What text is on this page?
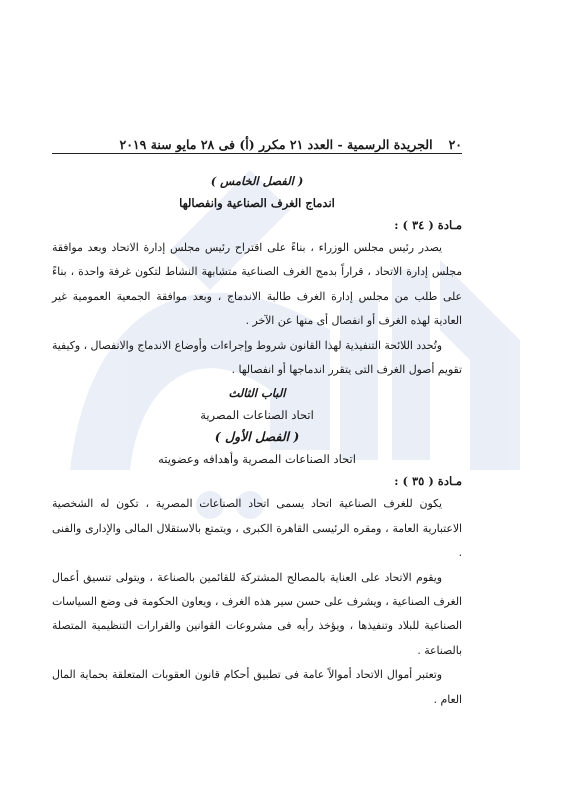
٢٠
الجريدة الرسمية - العدد ٢١ مكرر (أ) فى ٢٨ مايو سنة ٢٠١٩
( الفصل الخامس )
اندماج الغرف الصناعية وانفصالها
مـادة ( ٣٤ ) :

يصدر رئيس مجلس الوزراء ، بناءً على اقتراح رئيس مجلس إدارة الاتحاد وبعد موافقة مجلس إدارة الاتحاد ، قراراً بدمج الغرف الصناعية متشابهة النشاط لتكون غرفة واحدة ، بناءً على طلب من مجلس إدارة الغرف طالبة الاندماج ، وبعد موافقة الجمعية العمومية غير العادية لهذه الغرف أو انفصال أى منها عن الآخر .

وتُحدد اللائحة التنفيذية لهذا القانون شروط وإجراءات وأوضاع الاندماج والانفصال ، وكيفية تقويم أصول الغرف التى يتقرر اندماجها أو انفصالها .

الباب الثالث
اتحاد الصناعات المصرية
( الفصل الأول )
اتحاد الصناعات المصرية وأهدافه وعضويته
مـادة ( ٣٥ ) :

يكون للغرف الصناعية اتحاد يسمى اتحاد الصناعات المصرية ، تكون له الشخصية الاعتبارية العامة ، ومقره الرئيسى القاهرة الكبرى ، ويتمتع بالاستقلال المالى والإدارى والفنى .

ويقوم الاتحاد على العناية بالمصالح المشتركة للقائمين بالصناعة ، ويتولى تنسيق أعمال الغرف الصناعية ، ويشرف على حسن سير هذه الغرف ، ويعاون الحكومة فى وضع السياسات الصناعية للبلاد وتنفيذها ، ويؤخذ رأيه فى مشروعات القوانين والقرارات التنظيمية المتصلة بالصناعة .

وتعتبر أموال الاتحاد أموالاً عامة فى تطبيق أحكام قانون العقوبات المتعلقة بحماية المال العام .
